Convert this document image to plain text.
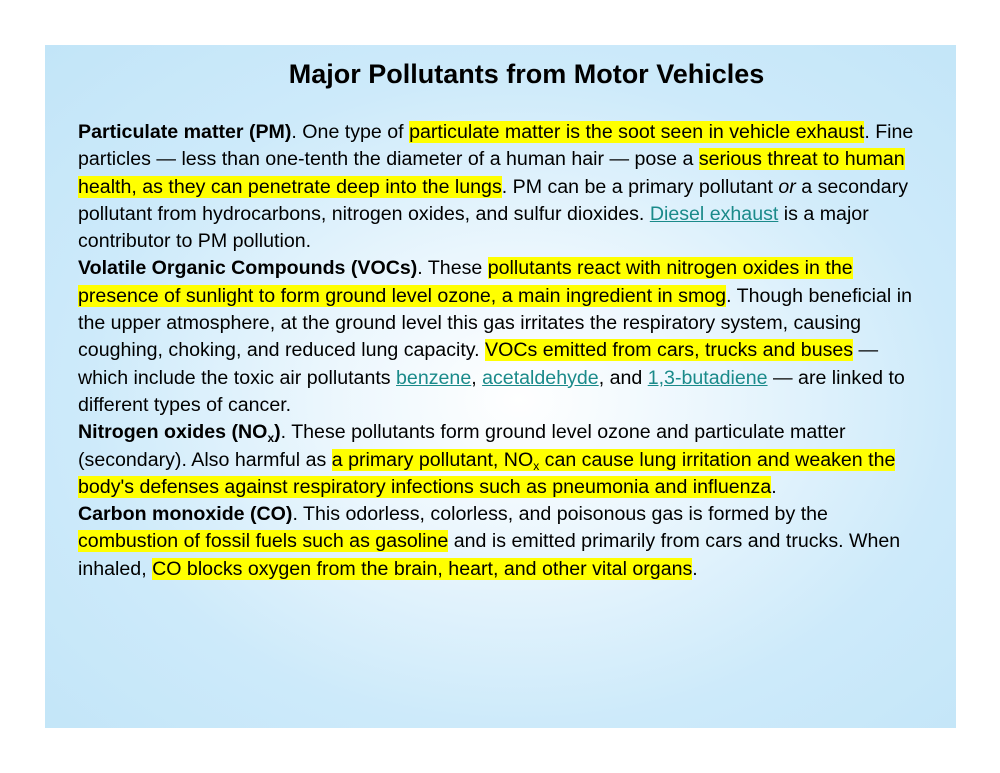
Major Pollutants from Motor Vehicles

Particulate matter (PM). One type of particulate matter is the soot seen in vehicle exhaust. Fine particles — less than one-tenth the diameter of a human hair — pose a serious threat to human health, as they can penetrate deep into the lungs. PM can be a primary pollutant or a secondary pollutant from hydrocarbons, nitrogen oxides, and sulfur dioxides. Diesel exhaust is a major contributor to PM pollution.

Volatile Organic Compounds (VOCs). These pollutants react with nitrogen oxides in the presence of sunlight to form ground level ozone, a main ingredient in smog. Though beneficial in the upper atmosphere, at the ground level this gas irritates the respiratory system, causing coughing, choking, and reduced lung capacity. VOCs emitted from cars, trucks and buses — which include the toxic air pollutants benzene, acetaldehyde, and 1,3-butadiene — are linked to different types of cancer.

Nitrogen oxides $(NO_x)$. These pollutants form ground level ozone and particulate matter (secondary). Also harmful as a primary pollutant, $NO_x$ can cause lung irritation and weaken the body's defenses against respiratory infections such as pneumonia and influenza.

Carbon monoxide (CO). This odorless, colorless, and poisonous gas is formed by the combustion of fossil fuels such as gasoline and is emitted primarily from cars and trucks. When inhaled, CO blocks oxygen from the brain, heart, and other vital organs.
